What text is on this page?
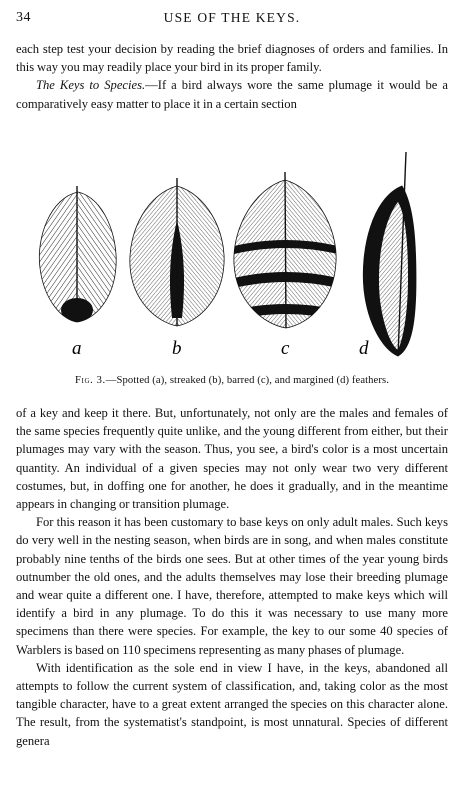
34	USE OF THE KEYS.

each step test your decision by reading the brief diagnoses of orders and families. In this way you may readily place your bird in its proper family.

The Keys to Species.—If a bird always wore the same plumage it would be a comparatively easy matter to place it in a certain section

a	b	c	d
Fig. 3.—Spotted (a), streaked (b), barred (c), and margined (d) feathers.

of a key and keep it there. But, unfortunately, not only are the males and females of the same species frequently quite unlike, and the young different from either, but their plumages may vary with the season. Thus, you see, a bird's color is a most uncertain quantity. An individual of a given species may not only wear two very different costumes, but, in doffing one for another, he does it gradually, and in the meantime appears in changing or transition plumage.

For this reason it has been customary to base keys on only adult males. Such keys do very well in the nesting season, when birds are in song, and when males constitute probably nine tenths of the birds one sees. But at other times of the year young birds outnumber the old ones, and the adults themselves may lose their breeding plumage and wear quite a different one. I have, therefore, attempted to make keys which will identify a bird in any plumage. To do this it was necessary to use many more specimens than there were species. For example, the key to our some 40 species of Warblers is based on 110 specimens representing as many phases of plumage.

With identification as the sole end in view I have, in the keys, abandoned all attempts to follow the current system of classification, and, taking color as the most tangible character, have to a great extent arranged the species on this character alone. The result, from the systematist's standpoint, is most unnatural. Species of different genera
